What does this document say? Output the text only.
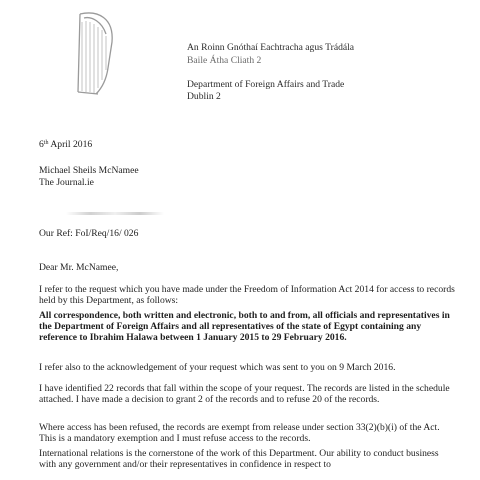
An Roinn Gnóthaí Eachtracha agus Trádála
Baile Átha Cliath 2
Department of Foreign Affairs and Trade
Dublin 2
6th April 2016
Michael Sheils McNamee
The Journal.ie
Our Ref: FoI/Req/16/ 026
Dear Mr. McNamee,
I refer to the request which you have made under the Freedom of Information Act 2014 for access to records held by this Department, as follows:
All correspondence, both written and electronic, both to and from, all officials and representatives in the Department of Foreign Affairs and all representatives of the state of Egypt containing any reference to Ibrahim Halawa between 1 January 2015 to 29 February 2016.
I refer also to the acknowledgement of your request which was sent to you on 9 March 2016.
I have identified 22 records that fall within the scope of your request. The records are listed in the schedule attached. I have made a decision to grant 2 of the records and to refuse 20 of the records.
Where access has been refused, the records are exempt from release under section 33(2)(b)(i) of the Act. This is a mandatory exemption and I must refuse access to the records.
International relations is the cornerstone of the work of this Department. Our ability to conduct business with any government and/or their representatives in confidence in respect to
